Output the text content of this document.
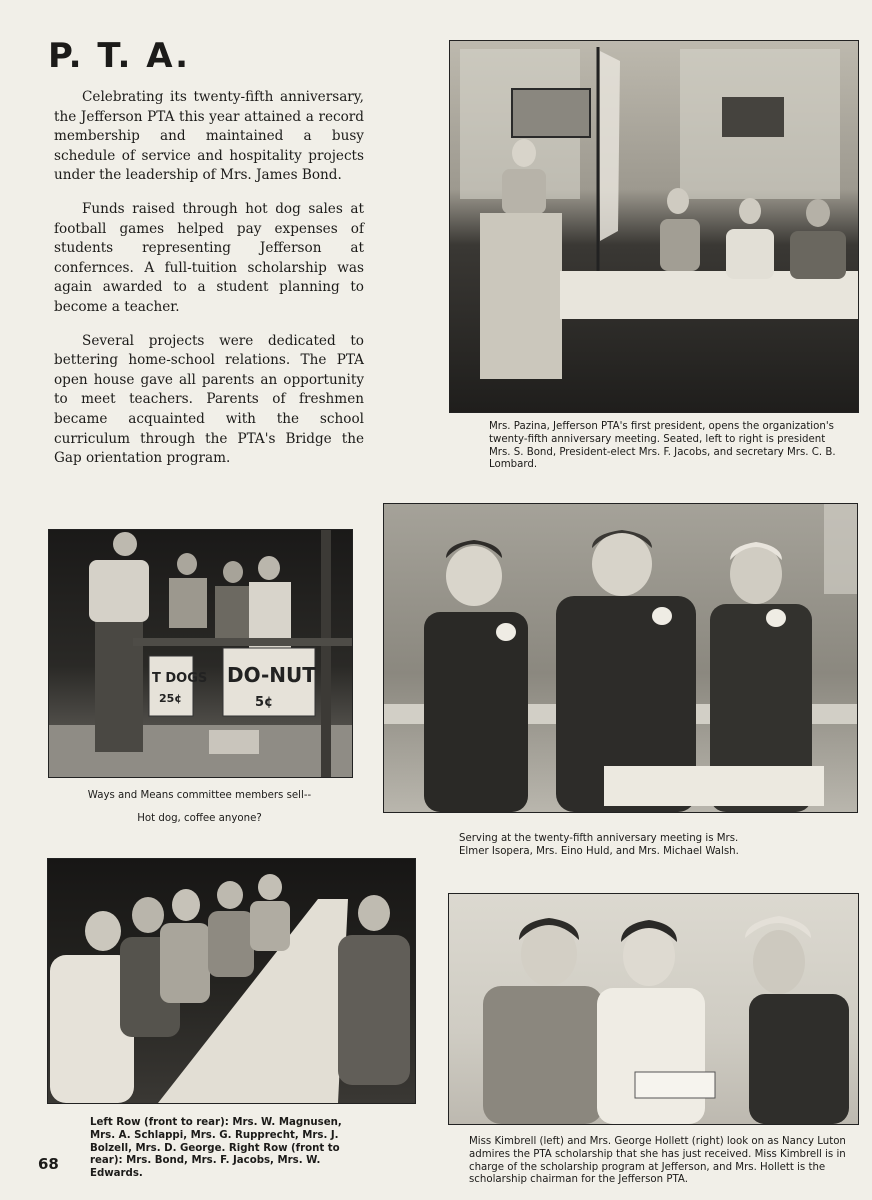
P. T. A.

Celebrating its twenty-fifth anniversary, the Jefferson PTA this year attained a record membership and maintained a busy schedule of service and hospitality projects under the leadership of Mrs. James Bond.

Funds raised through hot dog sales at football games helped pay expenses of students representing Jefferson at confernces. A full-tuition scholarship was again awarded to a student planning to become a teacher.

Several projects were dedicated to bettering home-school relations. The PTA open house gave all parents an opportunity to meet teachers. Parents of freshmen became acquainted with the school curriculum through the PTA's Bridge the Gap orientation program.

Mrs. Pazina, Jefferson PTA's first president, opens the organization's twenty-fifth anniversary meeting. Seated, left to right is president Mrs. S. Bond, President-elect Mrs. F. Jacobs, and secretary Mrs. C. B. Lombard.
T DOGS
25¢
DO-NUT
5¢

Ways and Means committee members sell--

Hot dog, coffee anyone?

Serving at the twenty-fifth anniversary meeting is Mrs. Elmer Isopera, Mrs. Eino Huld, and Mrs. Michael Walsh.
Left Row (front to rear): Mrs. W. Magnusen, Mrs. A. Schlappi, Mrs. G. Rupprecht, Mrs. J. Bolzell, Mrs. D. George. Right Row (front to rear): Mrs. Bond, Mrs. F. Jacobs, Mrs. W. Edwards.
Miss Kimbrell (left) and Mrs. George Hollett (right) look on as Nancy Luton admires the PTA scholarship that she has just received. Miss Kimbrell is in charge of the scholarship program at Jefferson, and Mrs. Hollett is the scholarship chairman for the Jefferson PTA.
68
